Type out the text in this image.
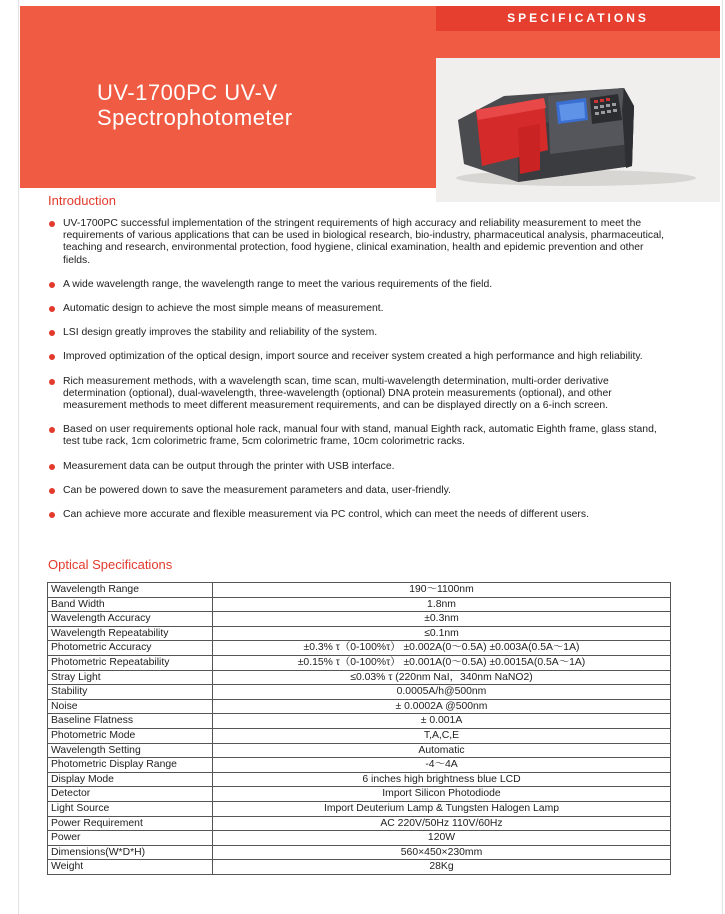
SPECIFICATIONS
UV-1700PC UV-V
Spectrophotometer
Introduction
UV-1700PC successful implementation of the stringent requirements of high accuracy and reliability measurement to meet the requirements of various applications that can be used in biological research, bio-industry, pharmaceutical analysis, pharmaceutical, teaching and research, environmental protection, food hygiene, clinical examination, health and epidemic prevention and other fields.
A wide wavelength range, the wavelength range to meet the various requirements of the field.
Automatic design to achieve the most simple means of measurement.
LSI design greatly improves the stability and reliability of the system.
Improved optimization of the optical design, import source and receiver system created a high performance and high reliability.
Rich measurement methods, with a wavelength scan, time scan, multi-wavelength determination, multi-order derivative determination (optional), dual-wavelength, three-wavelength (optional) DNA protein measurements (optional), and other measurement methods to meet different measurement requirements, and can be displayed directly on a 6-inch screen.
Based on user requirements optional hole rack, manual four with stand, manual Eighth rack, automatic Eighth frame, glass stand, test tube rack, 1cm colorimetric frame, 5cm colorimetric frame, 10cm colorimetric racks.
Measurement data can be output through the printer with USB interface.
Can be powered down to save the measurement parameters and data, user-friendly.
Can achieve more accurate and flexible measurement via PC control, which can meet the needs of different users.
Optical Specifications
Wavelength Range	190～1100nm
Band Width	1.8nm
Wavelength Accuracy	±0.3nm
Wavelength Repeatability	≤0.1nm
Photometric Accuracy	±0.3% τ（0-100%τ） ±0.002A(0～0.5A) ±0.003A(0.5A～1A)
Photometric Repeatability	±0.15% τ（0-100%τ） ±0.001A(0～0.5A) ±0.0015A(0.5A～1A)
Stray Light	≤0.03% τ (220nm NaI，340nm NaNO2)
Stability	0.0005A/h@500nm
Noise	± 0.0002A @500nm
Baseline Flatness	± 0.001A
Photometric Mode	T,A,C,E
Wavelength Setting	Automatic
Photometric Display Range	-4～4A
Display Mode	6 inches high brightness blue LCD
Detector	Import Silicon Photodiode
Light Source	Import Deuterium Lamp & Tungsten Halogen Lamp
Power Requirement	AC 220V/50Hz 110V/60Hz
Power	120W
Dimensions(W*D*H)	560×450×230mm
Weight	28Kg
